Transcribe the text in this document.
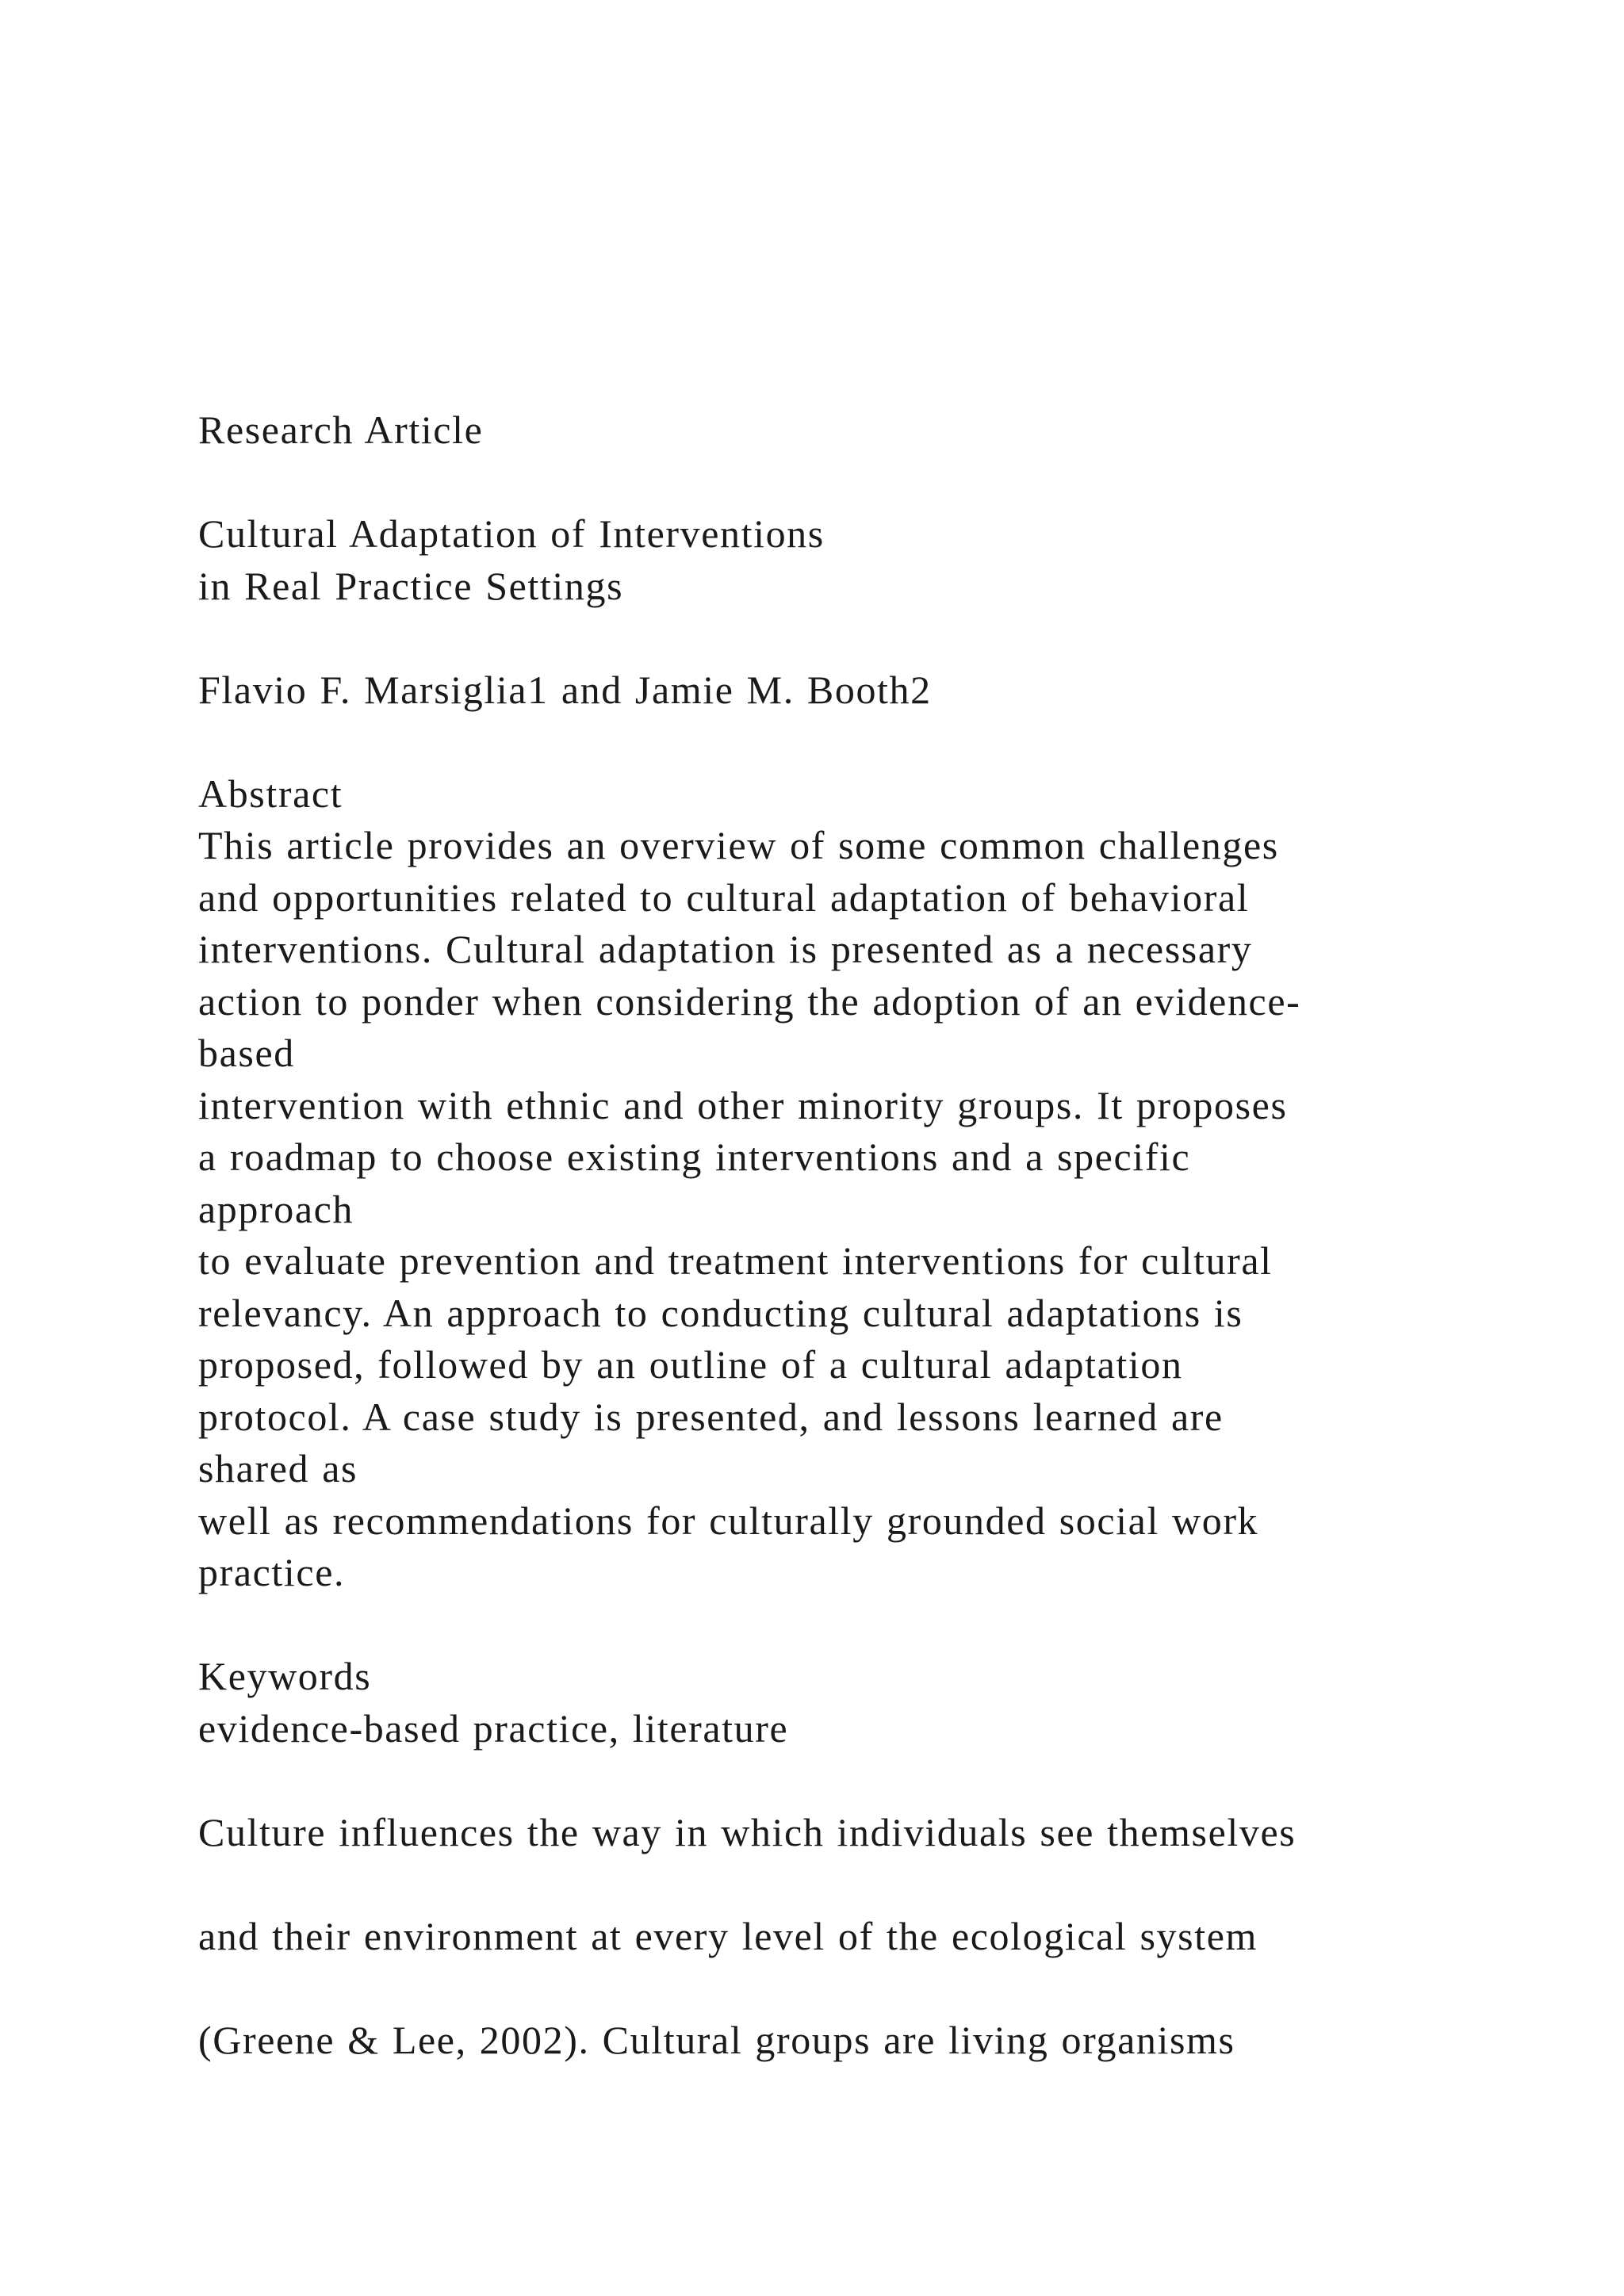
Research Article
Cultural Adaptation of Interventions
in Real Practice Settings
Flavio F. Marsiglia1 and Jamie M. Booth2
Abstract
This article provides an overview of some common challenges
and opportunities related to cultural adaptation of behavioral
interventions. Cultural adaptation is presented as a necessary
action to ponder when considering the adoption of an evidence-
based
intervention with ethnic and other minority groups. It proposes
a roadmap to choose existing interventions and a specific
approach
to evaluate prevention and treatment interventions for cultural
relevancy. An approach to conducting cultural adaptations is
proposed, followed by an outline of a cultural adaptation
protocol. A case study is presented, and lessons learned are
shared as
well as recommendations for culturally grounded social work
practice.
Keywords
evidence-based practice, literature
Culture influences the way in which individuals see themselves
and their environment at every level of the ecological system
(Greene & Lee, 2002). Cultural groups are living organisms
